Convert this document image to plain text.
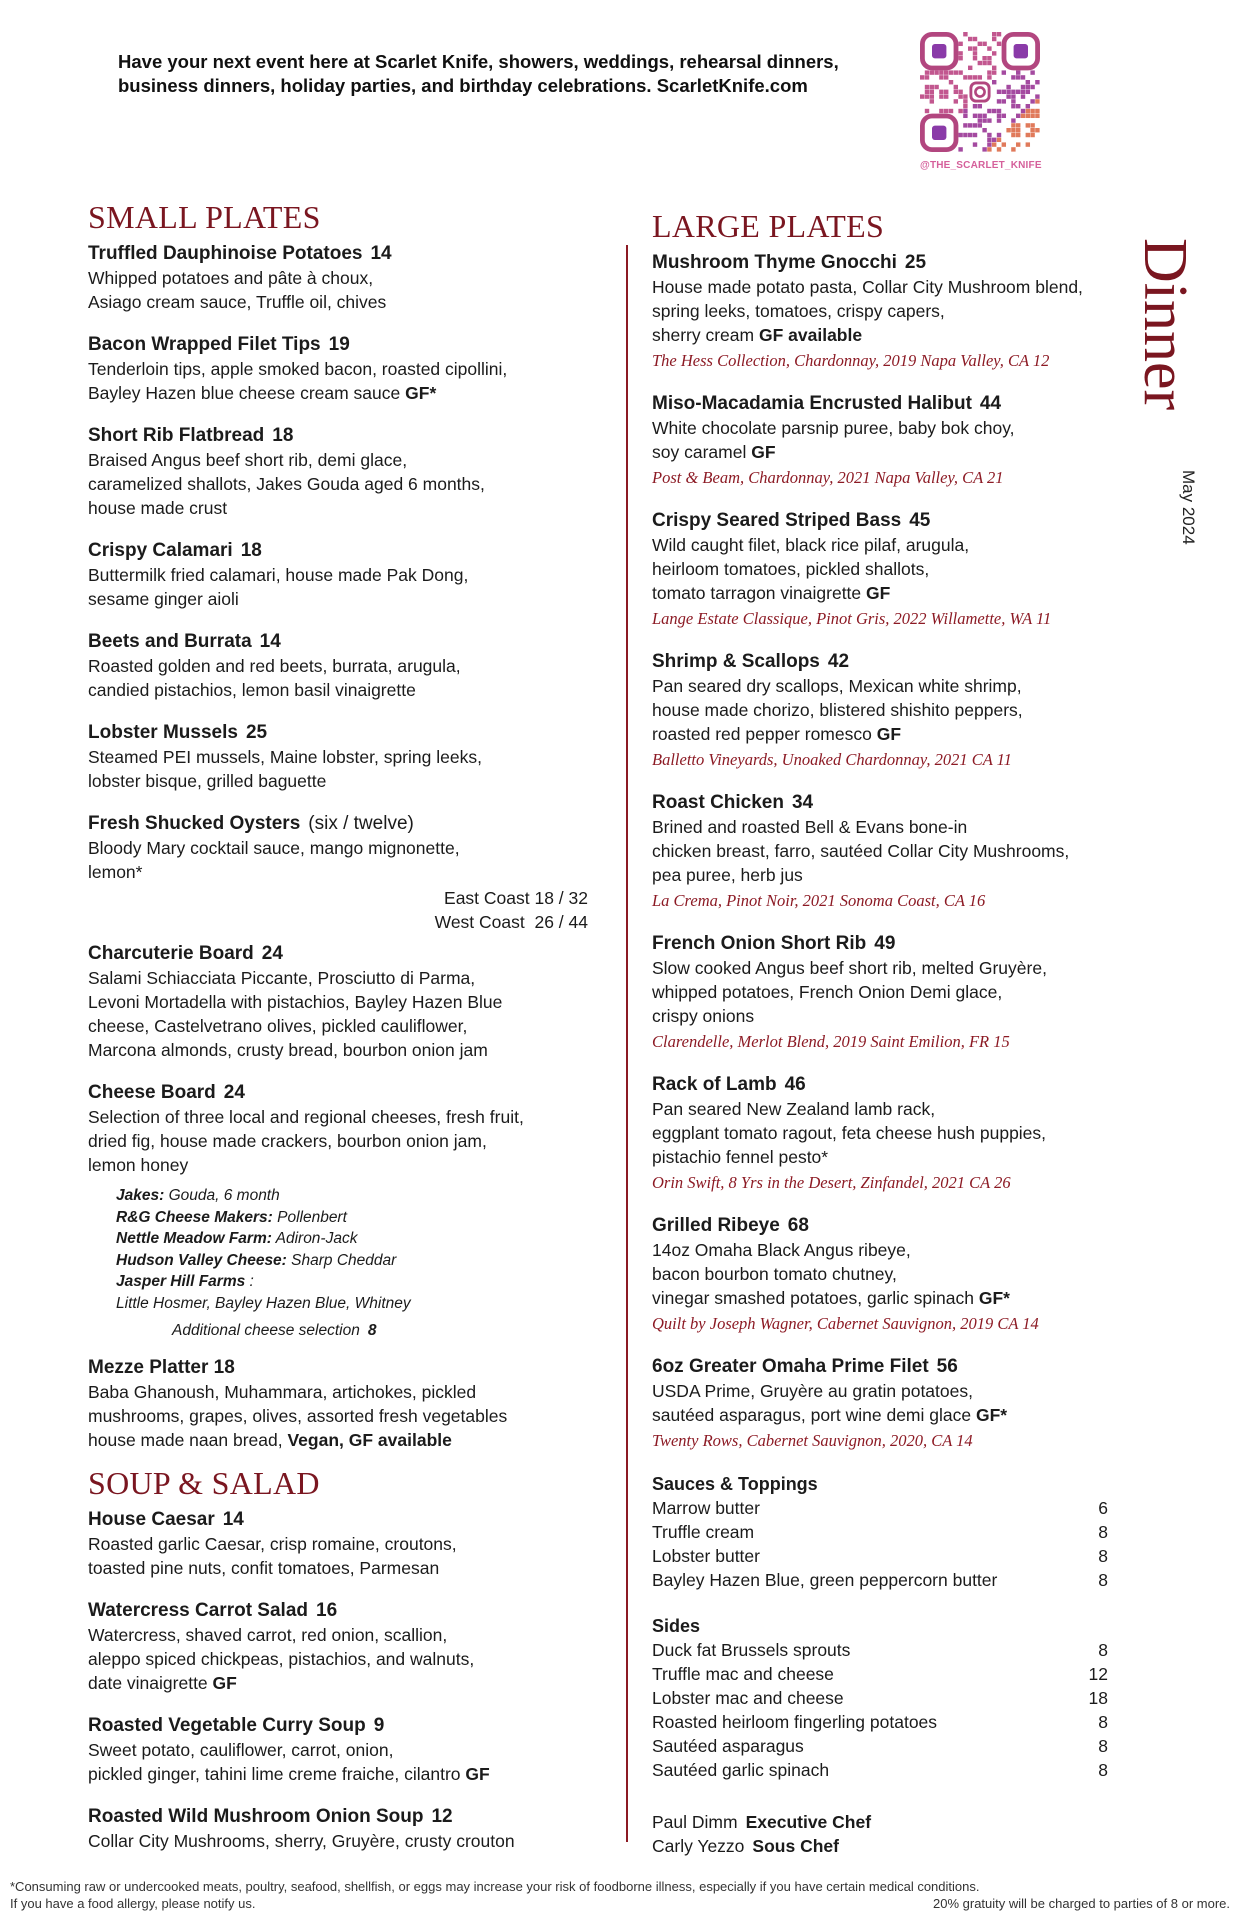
Have your next event here at Scarlet Knife, showers, weddings, rehearsal dinners,
business dinners, holiday parties, and birthday celebrations. ScarletKnife.com
@THE_SCARLET_KNIFE
Dinner
May 2024
SMALL PLATES
Truffled Dauphinoise Potatoes 14
Whipped potatoes and pâte à choux,
Asiago cream sauce, Truffle oil, chives
Bacon Wrapped Filet Tips 19
Tenderloin tips, apple smoked bacon, roasted cipollini,
Bayley Hazen blue cheese cream sauce GF*
Short Rib Flatbread 18
Braised Angus beef short rib, demi glace,
caramelized shallots, Jakes Gouda aged 6 months,
house made crust
Crispy Calamari 18
Buttermilk fried calamari, house made Pak Dong,
sesame ginger aioli
Beets and Burrata 14
Roasted golden and red beets, burrata, arugula,
candied pistachios, lemon basil vinaigrette
Lobster Mussels 25
Steamed PEI mussels, Maine lobster, spring leeks,
lobster bisque, grilled baguette
Fresh Shucked Oysters (six / twelve)
Bloody Mary cocktail sauce, mango mignonette,
lemon*
East Coast 18 / 32
West Coast  26 / 44
Charcuterie Board 24
Salami Schiacciata Piccante, Prosciutto di Parma,
Levoni Mortadella with pistachios, Bayley Hazen Blue
cheese, Castelvetrano olives, pickled cauliflower,
Marcona almonds, crusty bread, bourbon onion jam
Cheese Board 24
Selection of three local and regional cheeses, fresh fruit,
dried fig, house made crackers, bourbon onion jam,
lemon honey
Jakes: Gouda, 6 month
R&G Cheese Makers: Pollenbert
Nettle Meadow Farm: Adiron-Jack
Hudson Valley Cheese: Sharp Cheddar
Jasper Hill Farms :
Little Hosmer, Bayley Hazen Blue, Whitney
Additional cheese selection 8
Mezze Platter 18
Baba Ghanoush, Muhammara, artichokes, pickled
mushrooms, grapes, olives, assorted fresh vegetables
house made naan bread, Vegan, GF available
SOUP & SALAD
House Caesar 14
Roasted garlic Caesar, crisp romaine, croutons,
toasted pine nuts, confit tomatoes, Parmesan
Watercress Carrot Salad 16
Watercress, shaved carrot, red onion, scallion,
aleppo spiced chickpeas, pistachios, and walnuts,
date vinaigrette GF
Roasted Vegetable Curry Soup 9
Sweet potato, cauliflower, carrot, onion,
pickled ginger, tahini lime creme fraiche, cilantro GF
Roasted Wild Mushroom Onion Soup 12
Collar City Mushrooms, sherry, Gruyère, crusty crouton
LARGE PLATES
Mushroom Thyme Gnocchi 25
House made potato pasta, Collar City Mushroom blend,
spring leeks, tomatoes, crispy capers,
sherry cream GF available
The Hess Collection, Chardonnay, 2019 Napa Valley, CA 12
Miso-Macadamia Encrusted Halibut 44
White chocolate parsnip puree, baby bok choy,
soy caramel GF
Post & Beam, Chardonnay, 2021 Napa Valley, CA 21
Crispy Seared Striped Bass 45
Wild caught filet, black rice pilaf, arugula,
heirloom tomatoes, pickled shallots,
tomato tarragon vinaigrette GF
Lange Estate Classique, Pinot Gris, 2022 Willamette, WA 11
Shrimp & Scallops 42
Pan seared dry scallops, Mexican white shrimp,
house made chorizo, blistered shishito peppers,
roasted red pepper romesco GF
Balletto Vineyards, Unoaked Chardonnay, 2021 CA 11
Roast Chicken 34
Brined and roasted Bell & Evans bone-in
chicken breast, farro, sautéed Collar City Mushrooms,
pea puree, herb jus
La Crema, Pinot Noir, 2021 Sonoma Coast, CA 16
French Onion Short Rib 49
Slow cooked Angus beef short rib, melted Gruyère,
whipped potatoes, French Onion Demi glace,
crispy onions
Clarendelle, Merlot Blend, 2019 Saint Emilion, FR 15
Rack of Lamb 46
Pan seared New Zealand lamb rack,
eggplant tomato ragout, feta cheese hush puppies,
pistachio fennel pesto*
Orin Swift, 8 Yrs in the Desert, Zinfandel, 2021 CA 26
Grilled Ribeye 68
14oz Omaha Black Angus ribeye,
bacon bourbon tomato chutney,
vinegar smashed potatoes, garlic spinach GF*
Quilt by Joseph Wagner, Cabernet Sauvignon, 2019 CA 14
6oz Greater Omaha Prime Filet 56
USDA Prime, Gruyère au gratin potatoes,
sautéed asparagus, port wine demi glace GF*
Twenty Rows, Cabernet Sauvignon, 2020, CA 14
Sauces & Toppings
Marrow butter	6
Truffle cream	8
Lobster butter	8
Bayley Hazen Blue, green peppercorn butter	8
Sides
Duck fat Brussels sprouts	8
Truffle mac and cheese	12
Lobster mac and cheese	18
Roasted heirloom fingerling potatoes	8
Sautéed asparagus	8
Sautéed garlic spinach	8
Paul Dimm Executive Chef
Carly Yezzo Sous Chef
*Consuming raw or undercooked meats, poultry, seafood, shellfish, or eggs may increase your risk of foodborne illness, especially if you have certain medical conditions.
If you have a food allergy, please notify us.	20% gratuity will be charged to parties of 8 or more.
